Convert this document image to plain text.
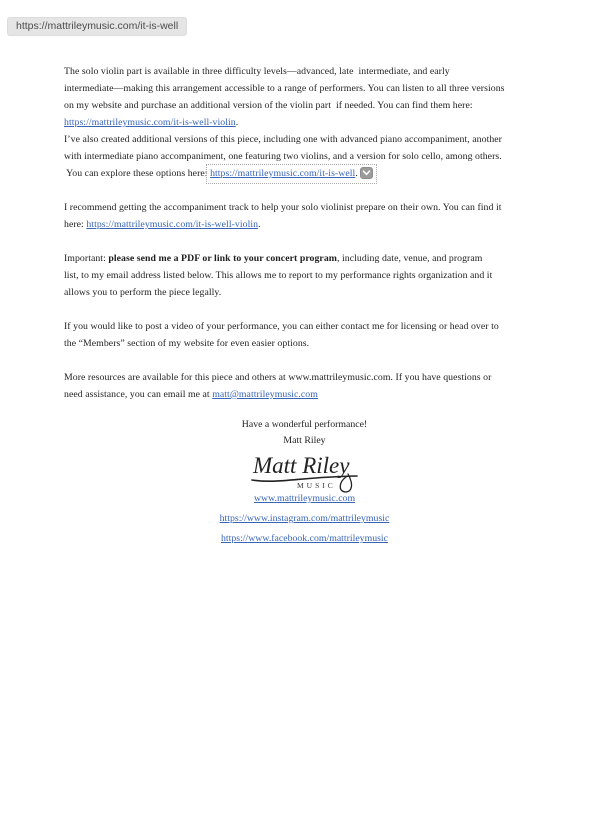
https://mattrileymusic.com/it-is-well

The solo violin part is available in three difficulty levels—advanced, late  intermediate, and early
intermediate—making this arrangement accessible to a range of performers. You can listen to all three versions
on my website and purchase an additional version of the violin part  if needed. You can find them here:
https://mattrileymusic.com/it-is-well-violin.

I’ve also created additional versions of this piece, including one with advanced piano accompaniment, another
with intermediate piano accompaniment, one featuring two violins, and a version for solo cello, among others.
You can explore these options here: https://mattrileymusic.com/it-is-well.

I recommend getting the accompaniment track to help your solo violinist prepare on their own. You can find it
here: https://mattrileymusic.com/it-is-well-violin.

Important: please send me a PDF or link to your concert program, including date, venue, and program
list, to my email address listed below. This allows me to report to my performance rights organization and it
allows you to perform the piece legally.

If you would like to post a video of your performance, you can either contact me for licensing or head over to
the “Members” section of my website for even easier options.

More resources are available for this piece and others at www.mattrileymusic.com. If you have questions or
need assistance, you can email me at matt@mattrileymusic.com

Have a wonderful performance!
Matt Riley
Matt Riley
MUSIC
www.mattrileymusic.com
https://www.instagram.com/mattrileymusic
https://www.facebook.com/mattrileymusic
